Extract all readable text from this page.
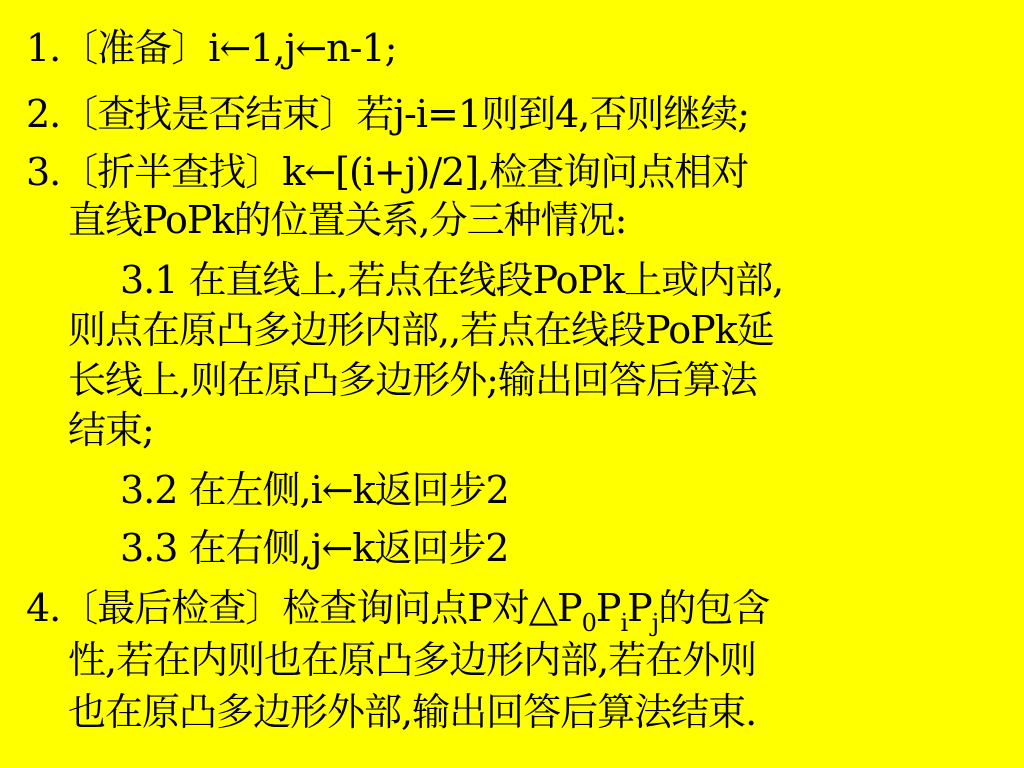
1.〔准备〕i←1,j←n-1;
2.〔查找是否结束〕若j-i=1则到4,否则继续;
3.〔折半查找〕k←[(i+j)/2],检查询问点相对
直线PoPk的位置关系,分三种情况:
3.1 在直线上,若点在线段PoPk上或内部,
则点在原凸多边形内部,,若点在线段PoPk延
长线上,则在原凸多边形外;输出回答后算法
结束;
3.2 在左侧,i←k返回步2
3.3 在右侧,j←k返回步2
4.〔最后检查〕检查询问点P对$\triangle P_0P_iP_j$的包含
性,若在内则也在原凸多边形内部,若在外则
也在原凸多边形外部,输出回答后算法结束.
